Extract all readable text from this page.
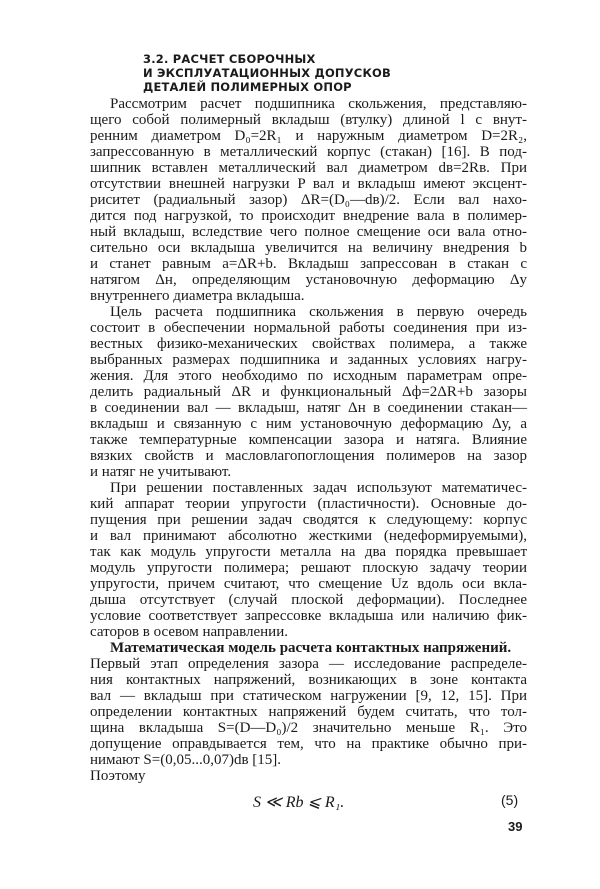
3.2. РАСЧЕТ СБОРОЧНЫХ
И ЭКСПЛУАТАЦИОННЫХ ДОПУСКОВ
ДЕТАЛЕЙ ПОЛИМЕРНЫХ ОПОР
Рассмотрим расчет подшипника скольжения, представляю-
щего собой полимерный вкладыш (втулку) длиной l с внут-
ренним диаметром D₀=2R₁ и наружным диаметром D=2R₂,
запрессованную в металлический корпус (стакан) [16]. В под-
шипник вставлен металлический вал диаметром dв=2Rв. При
отсутствии внешней нагрузки P вал и вкладыш имеют эксцент-
риситет (радиальный зазор) ΔR=(D₀—dв)/2. Если вал нахо-
дится под нагрузкой, то происходит внедрение вала в полимер-
ный вкладыш, вследствие чего полное смещение оси вала отно-
сительно оси вкладыша увеличится на величину внедрения b
и станет равным a=ΔR+b. Вкладыш запрессован в стакан с
натягом Δн, определяющим установочную деформацию Δу
внутреннего диаметра вкладыша.
Цель расчета подшипника скольжения в первую очередь
состоит в обеспечении нормальной работы соединения при из-
вестных физико-механических свойствах полимера, а также
выбранных размерах подшипника и заданных условиях нагру-
жения. Для этого необходимо по исходным параметрам опре-
делить радиальный ΔR и функциональный Δф=2ΔR+b зазоры
в соединении вал — вкладыш, натяг Δн в соединении стакан—
вкладыш и связанную с ним установочную деформацию Δу, а
также температурные компенсации зазора и натяга. Влияние
вязких свойств и масловлагопоглощения полимеров на зазор
и натяг не учитывают.
При решении поставленных задач используют математичес-
кий аппарат теории упругости (пластичности). Основные до-
пущения при решении задач сводятся к следующему: корпус
и вал принимают абсолютно жесткими (недеформируемыми),
так как модуль упругости металла на два порядка превышает
модуль упругости полимера; решают плоскую задачу теории
упругости, причем считают, что смещение Uz вдоль оси вкла-
дыша отсутствует (случай плоской деформации). Последнее
условие соответствует запрессовке вкладыша или наличию фик-
саторов в осевом направлении.
Математическая модель расчета контактных напряжений.
Первый этап определения зазора — исследование распределе-
ния контактных напряжений, возникающих в зоне контакта
вал — вкладыш при статическом нагружении [9, 12, 15]. При
определении контактных напряжений будем считать, что тол-
щина вкладыша S=(D—D₀)/2 значительно меньше R₁. Это
допущение оправдывается тем, что на практике обычно при-
нимают S=(0,05...0,07)dв [15].
Поэтому
S ≪ Rb ⩽ R₁.	(5)
39
